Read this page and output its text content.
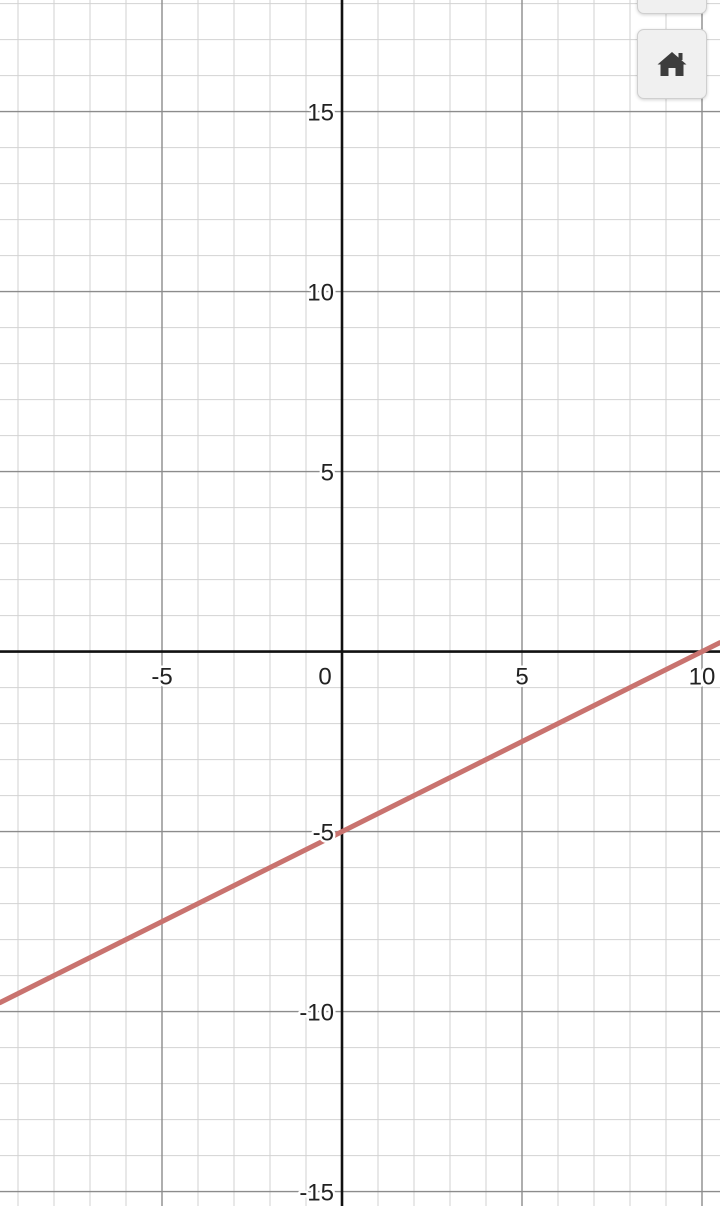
-5	0	5	10
-15
-10
-5
5
10
15
